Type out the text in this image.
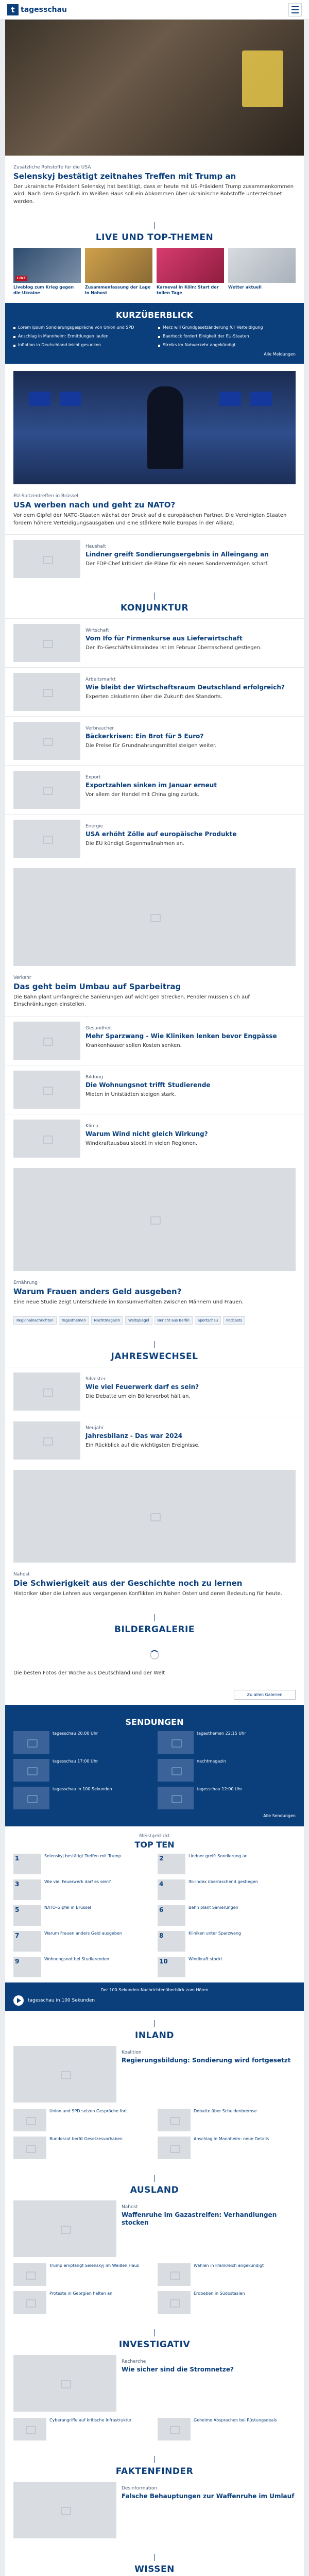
t tagesschau
Zusätzliche Rohstoffe für die USA
Selenskyj bestätigt zeitnahes Treffen mit Trump an
Der ukrainische Präsident Selenskyj hat bestätigt, dass er heute mit US-Präsident Trump zusammenkommen wird. Nach dem Gespräch im Weißen Haus soll ein Abkommen über ukrainische Rohstoffe unterzeichnet werden.
LIVE UND TOP-THEMEN
LIVE
Liveblog zum Krieg gegen die Ukraine
Zusammenfassung der Lage in Nahost
Karneval in Köln: Start der tollen Tage
Wetter aktuell
KURZÜBERBLICK
Lorem ipsum Sondierungsgespräche von Union und SPD	Merz will Grundgesetzänderung für Verteidigung
Anschlag in Mannheim: Ermittlungen laufen	Baerbock fordert Einigkeit der EU-Staaten
Inflation in Deutschland leicht gesunken	Streiks im Nahverkehr angekündigt
Alle Meldungen
EU-Spitzentreffen in Brüssel
USA werben nach und geht zu NATO?
Vor dem Gipfel der NATO-Staaten wächst der Druck auf die europäischen Partner. Die Vereinigten Staaten fordern höhere Verteidigungsausgaben und eine stärkere Rolle Europas in der Allianz.
Haushalt
Lindner greift Sondierungsergebnis in Alleingang an
Der FDP-Chef kritisiert die Pläne für ein neues Sondervermögen scharf.
KONJUNKTUR
Wirtschaft
Vom Ifo für Firmenkurse aus Lieferwirtschaft
Der Ifo-Geschäftsklimaindex ist im Februar überraschend gestiegen.
Arbeitsmarkt
Wie bleibt der Wirtschaftsraum Deutschland erfolgreich?
Experten diskutieren über die Zukunft des Standorts.
Verbraucher
Bäckerkrisen: Ein Brot für 5 Euro?
Die Preise für Grundnahrungsmittel steigen weiter.
Export
Exportzahlen sinken im Januar erneut
Vor allem der Handel mit China ging zurück.
Energie
USA erhöht Zölle auf europäische Produkte
Die EU kündigt Gegenmaßnahmen an.
Verkehr
Das geht beim Umbau auf Sparbeitrag
Die Bahn plant umfangreiche Sanierungen auf wichtigen Strecken. Pendler müssen sich auf Einschränkungen einstellen.
Gesundheit
Mehr Sparzwang - Wie Kliniken lenken bevor Engpässe
Krankenhäuser sollen Kosten senken.
Bildung
Die Wohnungsnot trifft Studierende
Mieten in Unistädten steigen stark.
Klima
Warum Wind nicht gleich Wirkung?
Windkraftausbau stockt in vielen Regionen.
Ernährung
Warum Frauen anders Geld ausgeben?
Eine neue Studie zeigt Unterschiede im Konsumverhalten zwischen Männern und Frauen.
Regionalnachrichten	Tagesthemen	Nachtmagazin	Weltspiegel	Bericht aus Berlin	Sportschau	Podcasts
JAHRESWECHSEL
Silvester
Wie viel Feuerwerk darf es sein?
Die Debatte um ein Böllerverbot hält an.
Neujahr
Jahresbilanz - Das war 2024
Ein Rückblick auf die wichtigsten Ereignisse.
Nahost
Die Schwierigkeit aus der Geschichte noch zu lernen
Historiker über die Lehren aus vergangenen Konflikten im Nahen Osten und deren Bedeutung für heute.
BILDERGALERIE
Die besten Fotos der Woche aus Deutschland und der Welt
Zu allen Galerien
SENDUNGEN
tagesschau 20:00 Uhr	tagesthemen 22:15 Uhr
tagesschau 17:00 Uhr	nachtmagazin
tagesschau in 100 Sekunden	tagesschau 12:00 Uhr
Alle Sendungen
Meistgeklickt
TOP TEN
1	Selenskyj bestätigt Treffen mit Trump	2	Lindner greift Sondierung an
3	Wie viel Feuerwerk darf es sein?	4	Ifo-Index überraschend gestiegen
5	NATO-Gipfel in Brüssel	6	Bahn plant Sanierungen
7	Warum Frauen anders Geld ausgeben	8	Kliniken unter Sparzwang
9	Wohnungsnot bei Studierenden	10	Windkraft stockt
Der 100-Sekunden-Nachrichtenüberblick zum Hören
tagesschau in 100 Sekunden
INLAND
Koalition
Regierungsbildung: Sondierung wird fortgesetzt
Union und SPD setzen Gespräche fort	Debatte über Schuldenbremse
Bundesrat berät Gesetzesvorhaben	Anschlag in Mannheim: neue Details
AUSLAND
Nahost
Waffenruhe im Gazastreifen: Verhandlungen stocken
Trump empfängt Selenskyj im Weißen Haus	Wahlen in Frankreich angekündigt
Proteste in Georgien halten an	Erdbeben in Südostasien
INVESTIGATIV
Recherche
Wie sicher sind die Stromnetze?
Cyberangriffe auf kritische Infrastruktur	Geheime Absprachen bei Rüstungsdeals
FAKTENFINDER
Desinformation
Falsche Behauptungen zur Waffenruhe im Umlauf
WISSEN
